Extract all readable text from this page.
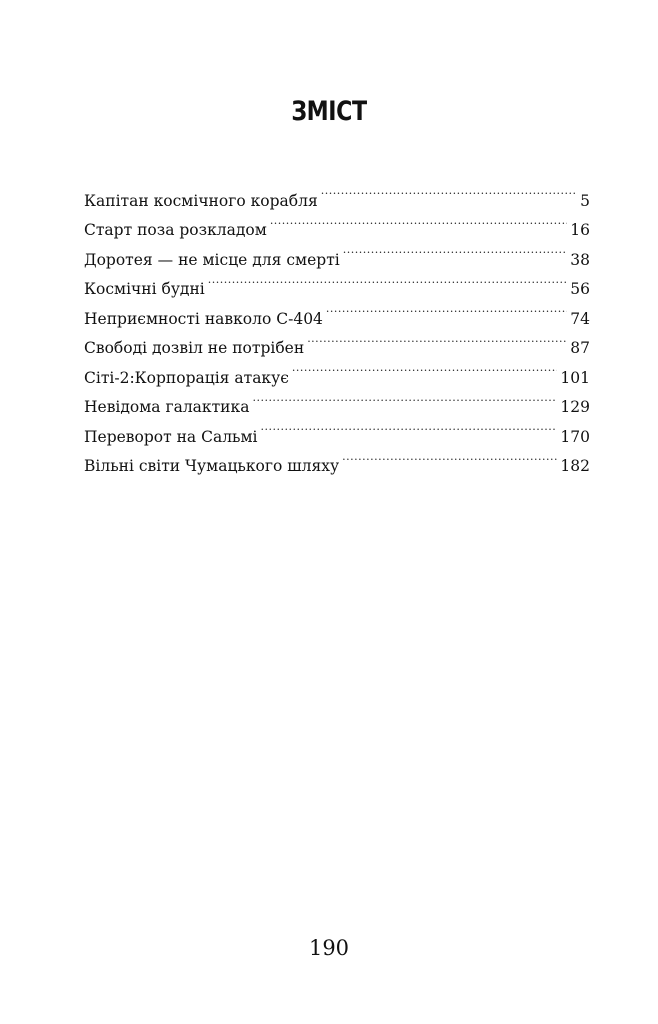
ЗМІСТ
Капітан космічного корабля .....	5
Старт поза розкладом .....	16
Доротея — не місце для смерті .....	38
Космічні будні .....	56
Неприємності навколо С-404 .....	74
Свободі дозвіл не потрібен .....	87
Сіті-2:Корпорація атакує .....	101
Невідома галактика .....	129
Переворот на Сальмі .....	170
Вільні світи Чумацького шляху .....	182
190
